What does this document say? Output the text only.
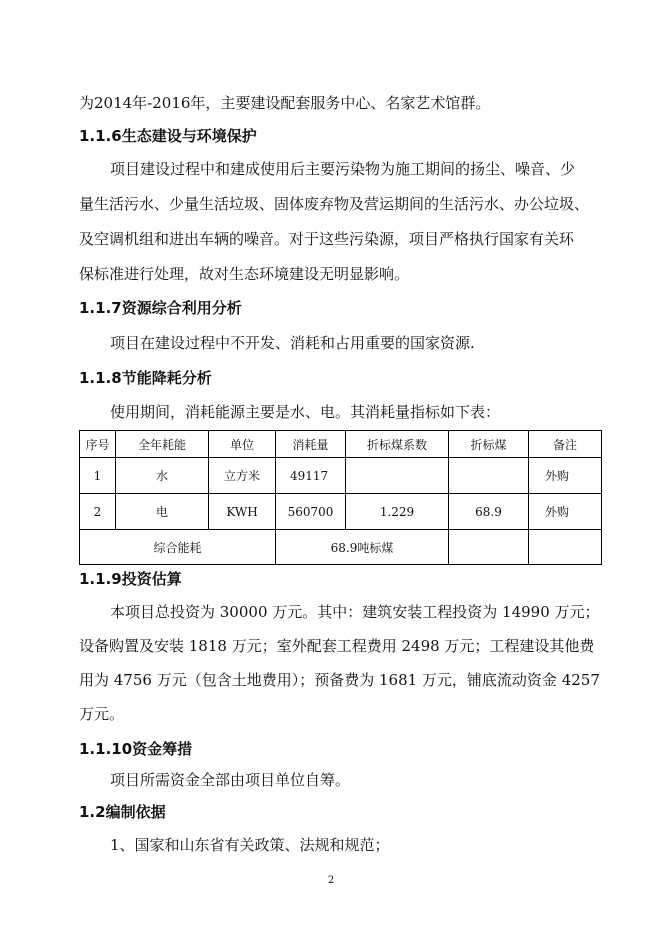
为2014年-2016年，主要建设配套服务中心、名家艺术馆群。
1.1.6生态建设与环境保护
项目建设过程中和建成使用后主要污染物为施工期间的扬尘、噪音、少
量生活污水、少量生活垃圾、固体废弃物及营运期间的生活污水、办公垃圾、
及空调机组和进出车辆的噪音。对于这些污染源，项目严格执行国家有关环
保标准进行处理，故对生态环境建设无明显影响。
1.1.7资源综合利用分析
项目在建设过程中不开发、消耗和占用重要的国家资源.
1.1.8节能降耗分析
使用期间，消耗能源主要是水、电。其消耗量指标如下表：
序号	全年耗能	单位	消耗量	折标煤系数	折标煤	备注
1	水	立方米	49117			外购
2	电	KWH	560700	1.229	68.9	外购
综合能耗			68.9吨标煤			
1.1.9投资估算
本项目总投资为 30000 万元。其中：建筑安装工程投资为 14990 万元；
设备购置及安装 1818 万元；室外配套工程费用 2498 万元；工程建设其他费
用为 4756 万元（包含土地费用）；预备费为 1681 万元，铺底流动资金 4257
万元。
1.1.10资金筹措
项目所需资金全部由项目单位自筹。
1.2编制依据
1、国家和山东省有关政策、法规和规范；
2
